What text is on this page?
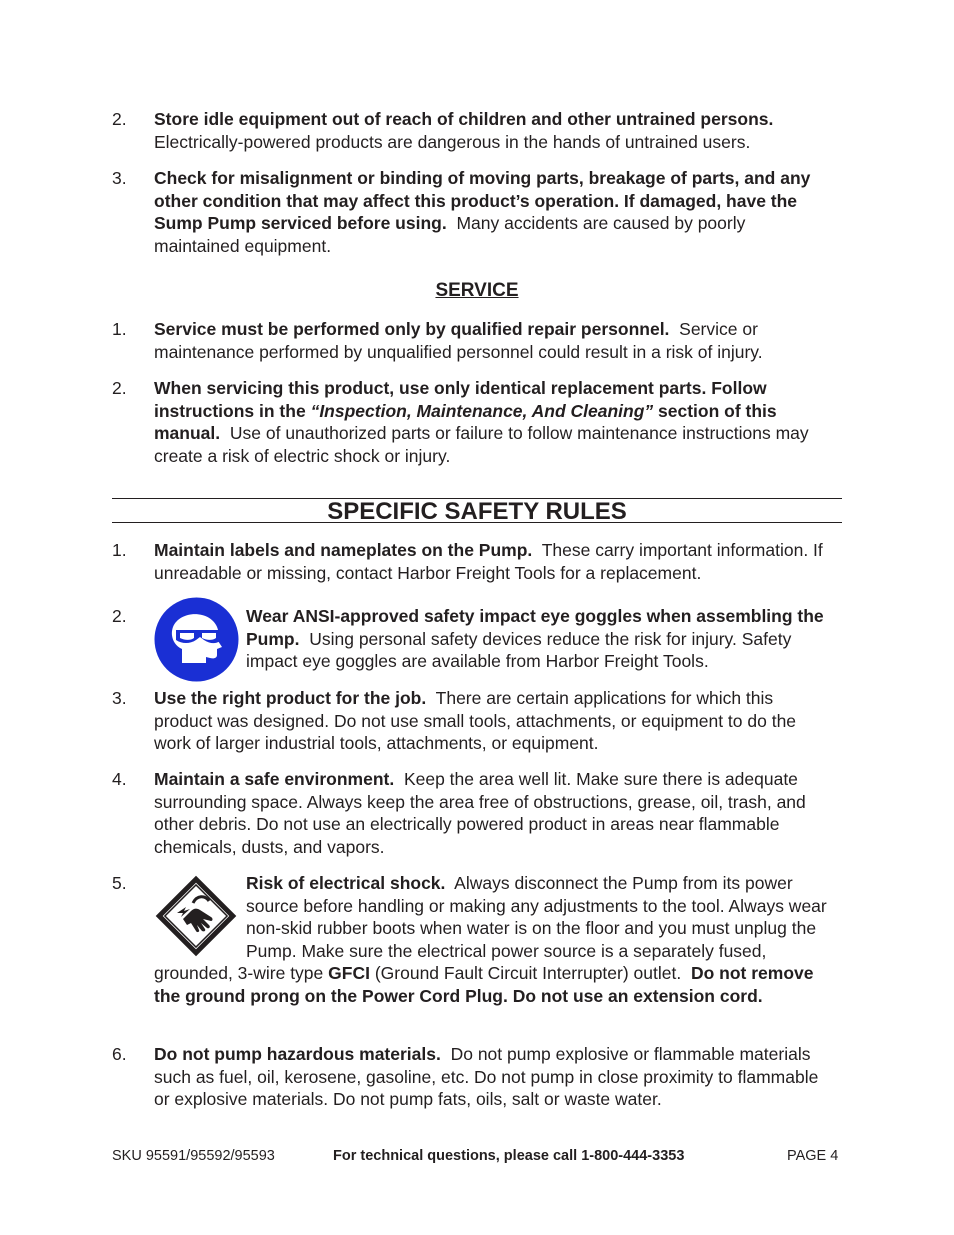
2. Store idle equipment out of reach of children and other untrained persons.
Electrically-powered products are dangerous in the hands of untrained users.
3. Check for misalignment or binding of moving parts, breakage of parts, and any other condition that may affect this product’s operation. If damaged, have the Sump Pump serviced before using. Many accidents are caused by poorly maintained equipment.
SERVICE
1. Service must be performed only by qualified repair personnel. Service or maintenance performed by unqualified personnel could result in a risk of injury.
2. When servicing this product, use only identical replacement parts. Follow instructions in the “Inspection, Maintenance, And Cleaning” section of this manual. Use of unauthorized parts or failure to follow maintenance instructions may create a risk of electric shock or injury.
SPECIFIC SAFETY RULES
1. Maintain labels and nameplates on the Pump. These carry important information. If unreadable or missing, contact Harbor Freight Tools for a replacement.
2.	Wear ANSI-approved safety impact eye goggles when assembling the Pump. Using personal safety devices reduce the risk for injury. Safety impact eye goggles are available from Harbor Freight Tools.
3. Use the right product for the job. There are certain applications for which this product was designed. Do not use small tools, attachments, or equipment to do the work of larger industrial tools, attachments, or equipment.
4. Maintain a safe environment. Keep the area well lit. Make sure there is adequate surrounding space. Always keep the area free of obstructions, grease, oil, trash, and other debris. Do not use an electrically powered product in areas near flammable chemicals, dusts, and vapors.
5.	Risk of electrical shock. Always disconnect the Pump from its power source before handling or making any adjustments to the tool. Always wear non-skid rubber boots when water is on the floor and you must unplug the Pump. Make sure the electrical power source is a separately fused, grounded, 3-wire type GFCI (Ground Fault Circuit Interrupter) outlet. Do not remove the ground prong on the Power Cord Plug. Do not use an extension cord.
6. Do not pump hazardous materials. Do not pump explosive or flammable materials such as fuel, oil, kerosene, gasoline, etc. Do not pump in close proximity to flammable or explosive materials. Do not pump fats, oils, salt or waste water.
SKU 95591/95592/95593	For technical questions, please call 1-800-444-3353	PAGE 4
